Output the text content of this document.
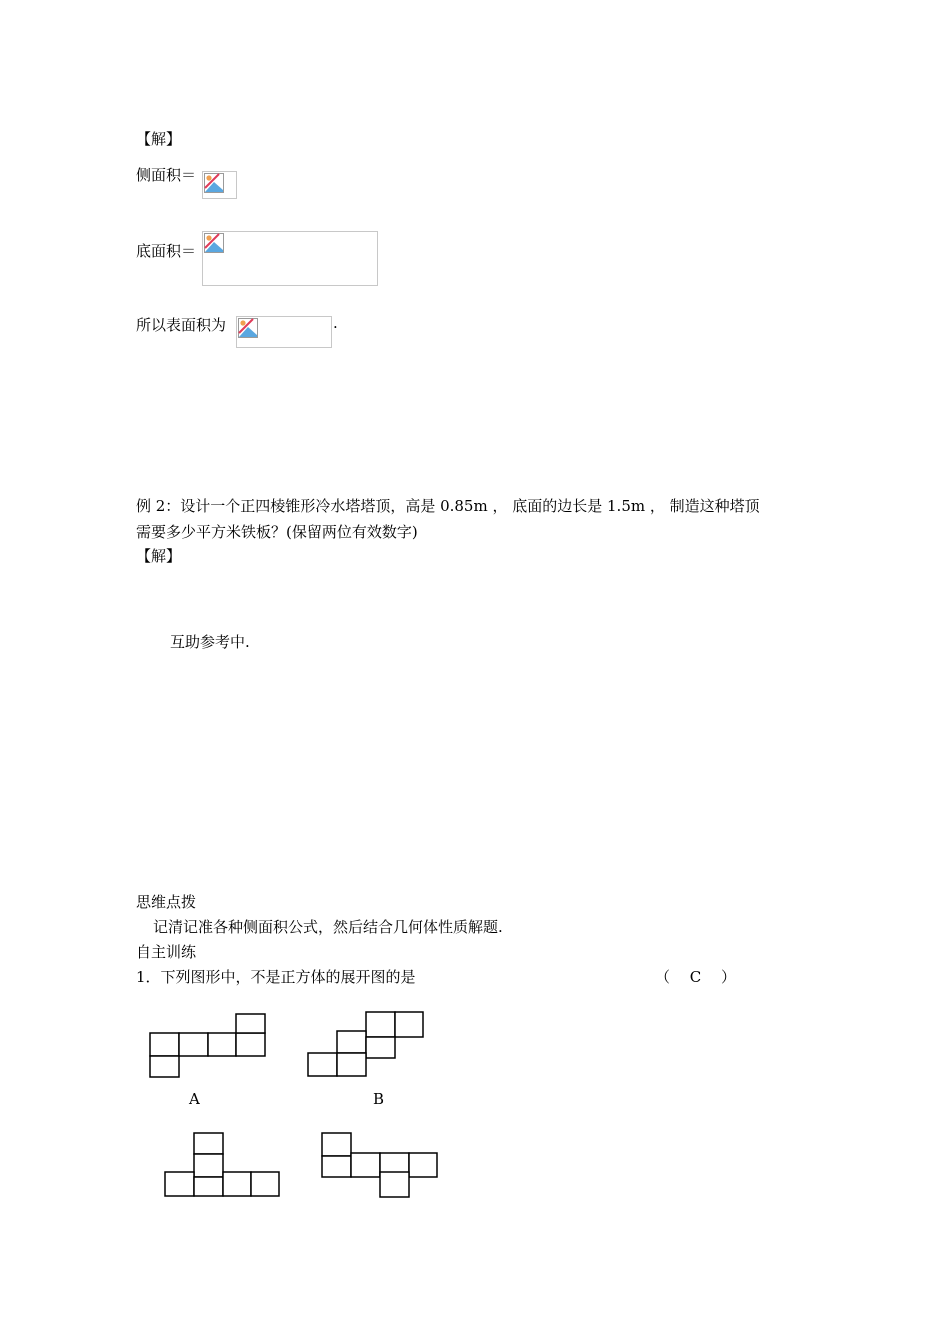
【解】
侧面积＝
底面积＝
所以表面积为	.
例 2：设计一个正四棱锥形冷水塔塔顶，高是 0.85m ， 底面的边长是 1.5m ， 制造这种塔顶
需要多少平方米铁板？(保留两位有效数字)
【解】
互助参考中.
思维点拨
记清记准各种侧面积公式，然后结合几何体性质解题.
自主训练
1．下列图形中，不是正方体的展开图的是	（　 C　 ）
A	B
